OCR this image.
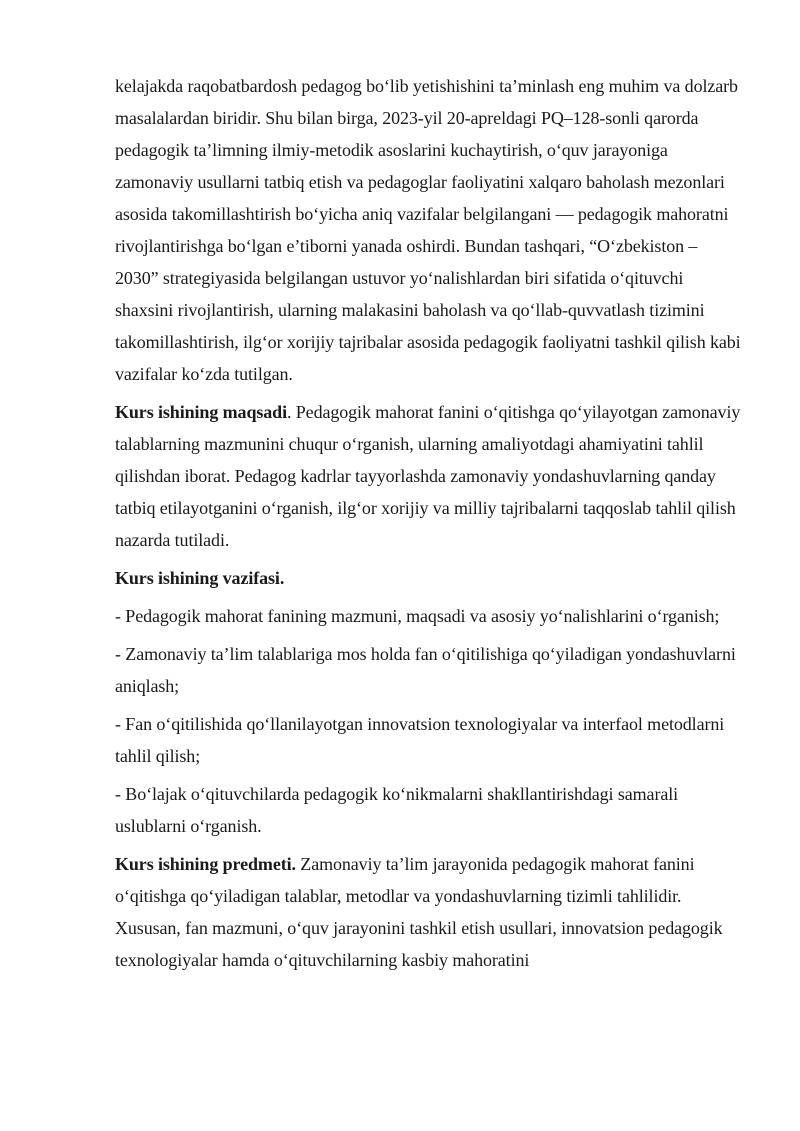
kelajakda raqobatbardosh pedagog bo‘lib yetishishini ta’minlash eng muhim va dolzarb masalalardan biridir. Shu bilan birga, 2023-yil 20-apreldagi PQ–128-sonli qarorda pedagogik ta’limning ilmiy-metodik asoslarini kuchaytirish, o‘quv jarayoniga zamonaviy usullarni tatbiq etish va pedagoglar faoliyatini xalqaro baholash mezonlari asosida takomillashtirish bo‘yicha aniq vazifalar belgilangani — pedagogik mahoratni rivojlantirishga bo‘lgan e’tiborni yanada oshirdi. Bundan tashqari, “O‘zbekiston – 2030” strategiyasida belgilangan ustuvor yo‘nalishlardan biri sifatida o‘qituvchi shaxsini rivojlantirish, ularning malakasini baholash va qo‘llab-quvvatlash tizimini takomillashtirish, ilg‘or xorijiy tajribalar asosida pedagogik faoliyatni tashkil qilish kabi vazifalar ko‘zda tutilgan.

Kurs ishining maqsadi. Pedagogik mahorat fanini o‘qitishga qo‘yilayotgan zamonaviy talablarning mazmunini chuqur o‘rganish, ularning amaliyotdagi ahamiyatini tahlil qilishdan iborat. Pedagog kadrlar tayyorlashda zamonaviy yondashuvlarning qanday tatbiq etilayotganini o‘rganish, ilg‘or xorijiy va milliy tajribalarni taqqoslab tahlil qilish nazarda tutiladi.

Kurs ishining vazifasi.

- Pedagogik mahorat fanining mazmuni, maqsadi va asosiy yo‘nalishlarini o‘rganish;

- Zamonaviy ta’lim talablariga mos holda fan o‘qitilishiga qo‘yiladigan yondashuvlarni aniqlash;

- Fan o‘qitilishida qo‘llanilayotgan innovatsion texnologiyalar va interfaol metodlarni tahlil qilish;

- Bo‘lajak o‘qituvchilarda pedagogik ko‘nikmalarni shakllantirishdagi samarali uslublarni o‘rganish.

Kurs ishining predmeti. Zamonaviy ta’lim jarayonida pedagogik mahorat fanini o‘qitishga qo‘yiladigan talablar, metodlar va yondashuvlarning tizimli tahlilidir. Xususan, fan mazmuni, o‘quv jarayonini tashkil etish usullari, innovatsion pedagogik texnologiyalar hamda o‘qituvchilarning kasbiy mahoratini
